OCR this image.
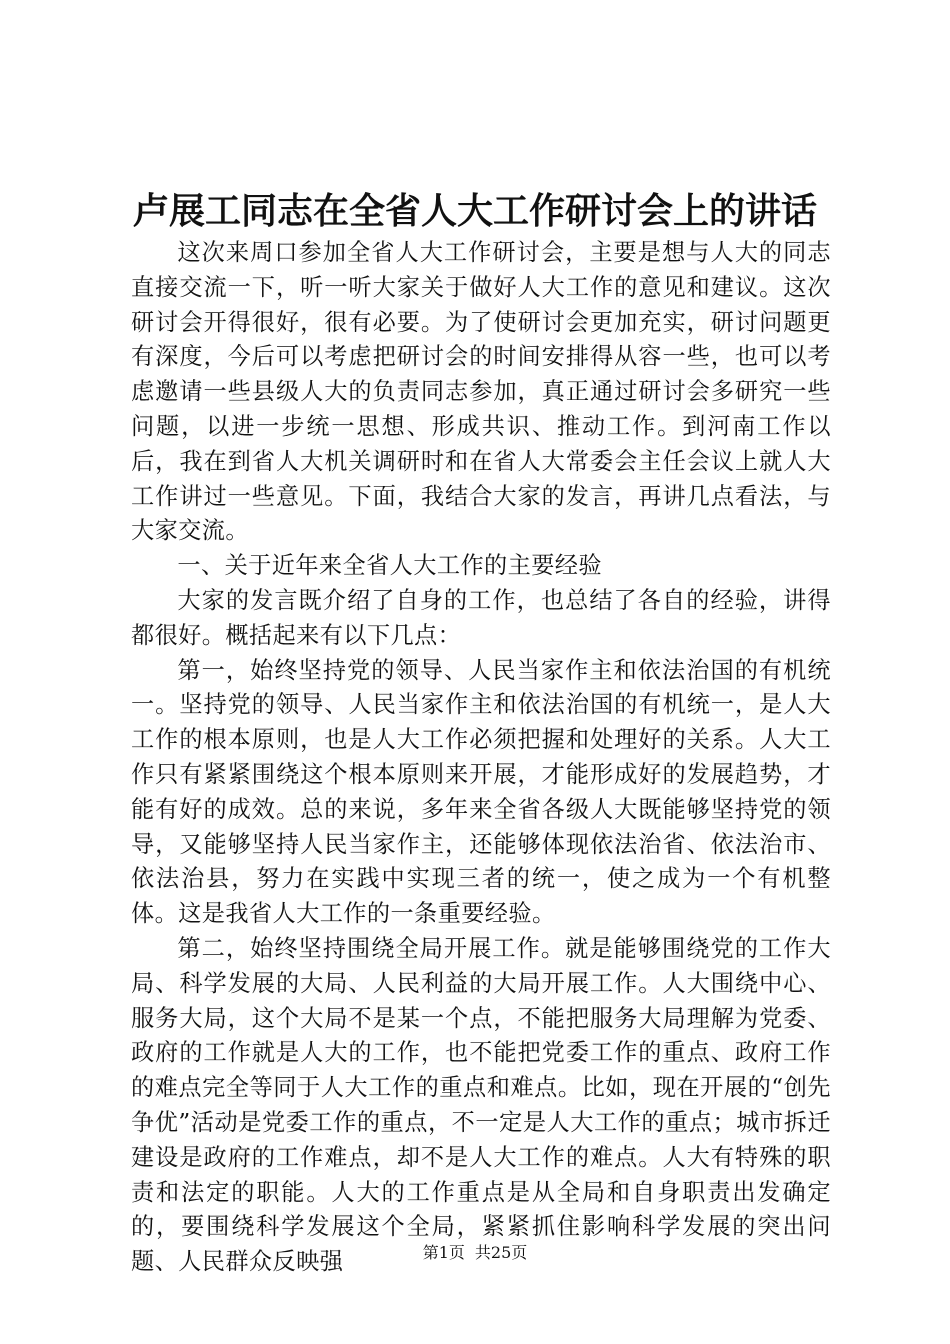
卢展工同志在全省人大工作研讨会上的讲话

这次来周口参加全省人大工作研讨会，主要是想与人大的同志直接交流一下，听一听大家关于做好人大工作的意见和建议。这次研讨会开得很好，很有必要。为了使研讨会更加充实，研讨问题更有深度，今后可以考虑把研讨会的时间安排得从容一些，也可以考虑邀请一些县级人大的负责同志参加，真正通过研讨会多研究一些问题，以进一步统一思想、形成共识、推动工作。到河南工作以后，我在到省人大机关调研时和在省人大常委会主任会议上就人大工作讲过一些意见。下面，我结合大家的发言，再讲几点看法，与大家交流。

一、关于近年来全省人大工作的主要经验

大家的发言既介绍了自身的工作，也总结了各自的经验，讲得都很好。概括起来有以下几点：

第一，始终坚持党的领导、人民当家作主和依法治国的有机统一。坚持党的领导、人民当家作主和依法治国的有机统一，是人大工作的根本原则，也是人大工作必须把握和处理好的关系。人大工作只有紧紧围绕这个根本原则来开展，才能形成好的发展趋势，才能有好的成效。总的来说，多年来全省各级人大既能够坚持党的领导，又能够坚持人民当家作主，还能够体现依法治省、依法治市、依法治县，努力在实践中实现三者的统一，使之成为一个有机整体。这是我省人大工作的一条重要经验。

第二，始终坚持围绕全局开展工作。就是能够围绕党的工作大局、科学发展的大局、人民利益的大局开展工作。人大围绕中心、服务大局，这个大局不是某一个点，不能把服务大局理解为党委、政府的工作就是人大的工作，也不能把党委工作的重点、政府工作的难点完全等同于人大工作的重点和难点。比如，现在开展的“创先争优”活动是党委工作的重点，不一定是人大工作的重点；城市拆迁建设是政府的工作难点，却不是人大工作的难点。人大有特殊的职责和法定的职能。人大的工作重点是从全局和自身职责出发确定的，要围绕科学发展这个全局，紧紧抓住影响科学发展的突出问题、人民群众反映强	第1页 共25页
